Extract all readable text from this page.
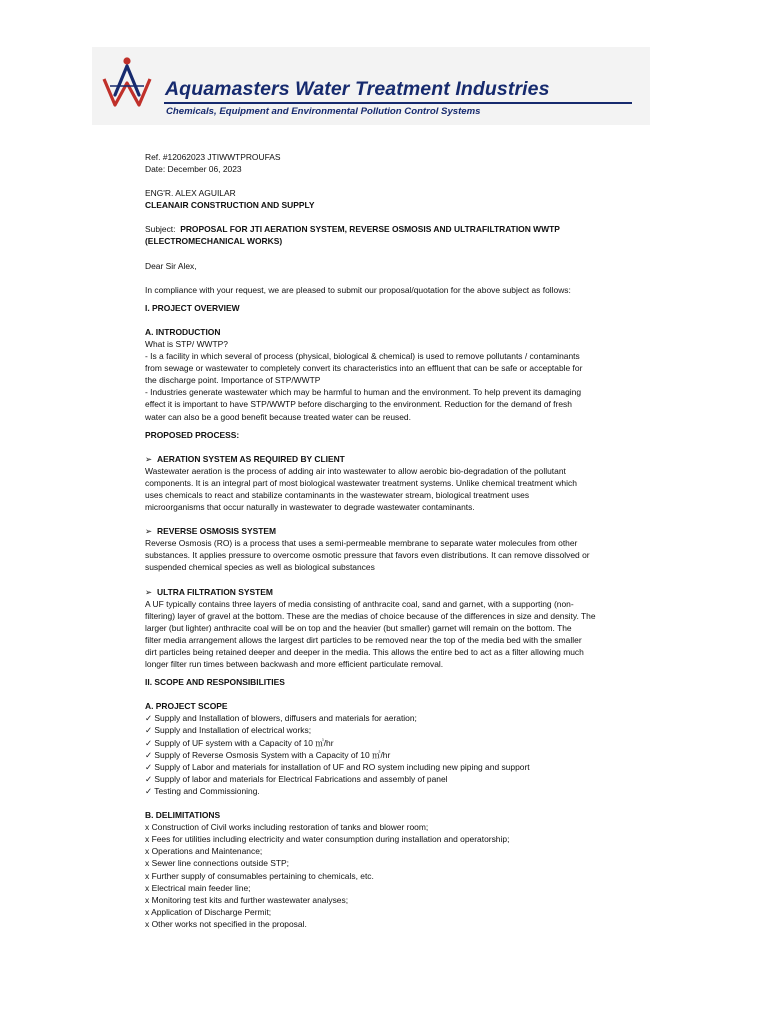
Aquamasters Water Treatment Industries
Chemicals, Equipment and Environmental Pollution Control Systems
Ref. #12062023 JTIWWTPROUFAS
Date: December 06, 2023
ENG'R. ALEX AGUILAR
CLEANAIR CONSTRUCTION AND SUPPLY
Subject: PROPOSAL FOR JTI AERATION SYSTEM, REVERSE OSMOSIS AND ULTRAFILTRATION WWTP
(ELECTROMECHANICAL WORKS)
Dear Sir Alex,
In compliance with your request, we are pleased to submit our proposal/quotation for the above subject as follows:
I. PROJECT OVERVIEW
A. INTRODUCTION
What is STP/ WWTP?
- Is a facility in which several of process (physical, biological & chemical) is used to remove pollutants / contaminants
from sewage or wastewater to completely convert its characteristics into an effluent that can be safe or acceptable for
the discharge point. Importance of STP/WWTP
- Industries generate wastewater which may be harmful to human and the environment. To help prevent its damaging
effect it is important to have STP/WWTP before discharging to the environment. Reduction for the demand of fresh
water can also be a good benefit because treated water can be reused.
PROPOSED PROCESS:
➢ AERATION SYSTEM AS REQUIRED BY CLIENT
Wastewater aeration is the process of adding air into wastewater to allow aerobic bio-degradation of the pollutant
components. It is an integral part of most biological wastewater treatment systems. Unlike chemical treatment which
uses chemicals to react and stabilize contaminants in the wastewater stream, biological treatment uses
microorganisms that occur naturally in wastewater to degrade wastewater contaminants.
➢ REVERSE OSMOSIS SYSTEM
Reverse Osmosis (RO) is a process that uses a semi-permeable membrane to separate water molecules from other
substances. It applies pressure to overcome osmotic pressure that favors even distributions. It can remove dissolved or
suspended chemical species as well as biological substances
➢ ULTRA FILTRATION SYSTEM
A UF typically contains three layers of media consisting of anthracite coal, sand and garnet, with a supporting (non-
filtering) layer of gravel at the bottom. These are the medias of choice because of the differences in size and density. The
larger (but lighter) anthracite coal will be on top and the heavier (but smaller) garnet will remain on the bottom. The
filter media arrangement allows the largest dirt particles to be removed near the top of the media bed with the smaller
dirt particles being retained deeper and deeper in the media. This allows the entire bed to act as a filter allowing much
longer filter run times between backwash and more efficient particulate removal.
II. SCOPE AND RESPONSIBILITIES
A. PROJECT SCOPE
✓ Supply and Installation of blowers, diffusers and materials for aeration;
✓ Supply and Installation of electrical works;
✓ Supply of UF system with a Capacity of 10 ㎥/hr
✓ Supply of Reverse Osmosis System with a Capacity of 10 ㎥/hr
✓ Supply of Labor and materials for installation of UF and RO system including new piping and support
✓ Supply of labor and materials for Electrical Fabrications and assembly of panel
✓ Testing and Commissioning.
B. DELIMITATIONS
x Construction of Civil works including restoration of tanks and blower room;
x Fees for utilities including electricity and water consumption during installation and operatorship;
x Operations and Maintenance;
x Sewer line connections outside STP;
x Further supply of consumables pertaining to chemicals, etc.
x Electrical main feeder line;
x Monitoring test kits and further wastewater analyses;
x Application of Discharge Permit;
x Other works not specified in the proposal.
